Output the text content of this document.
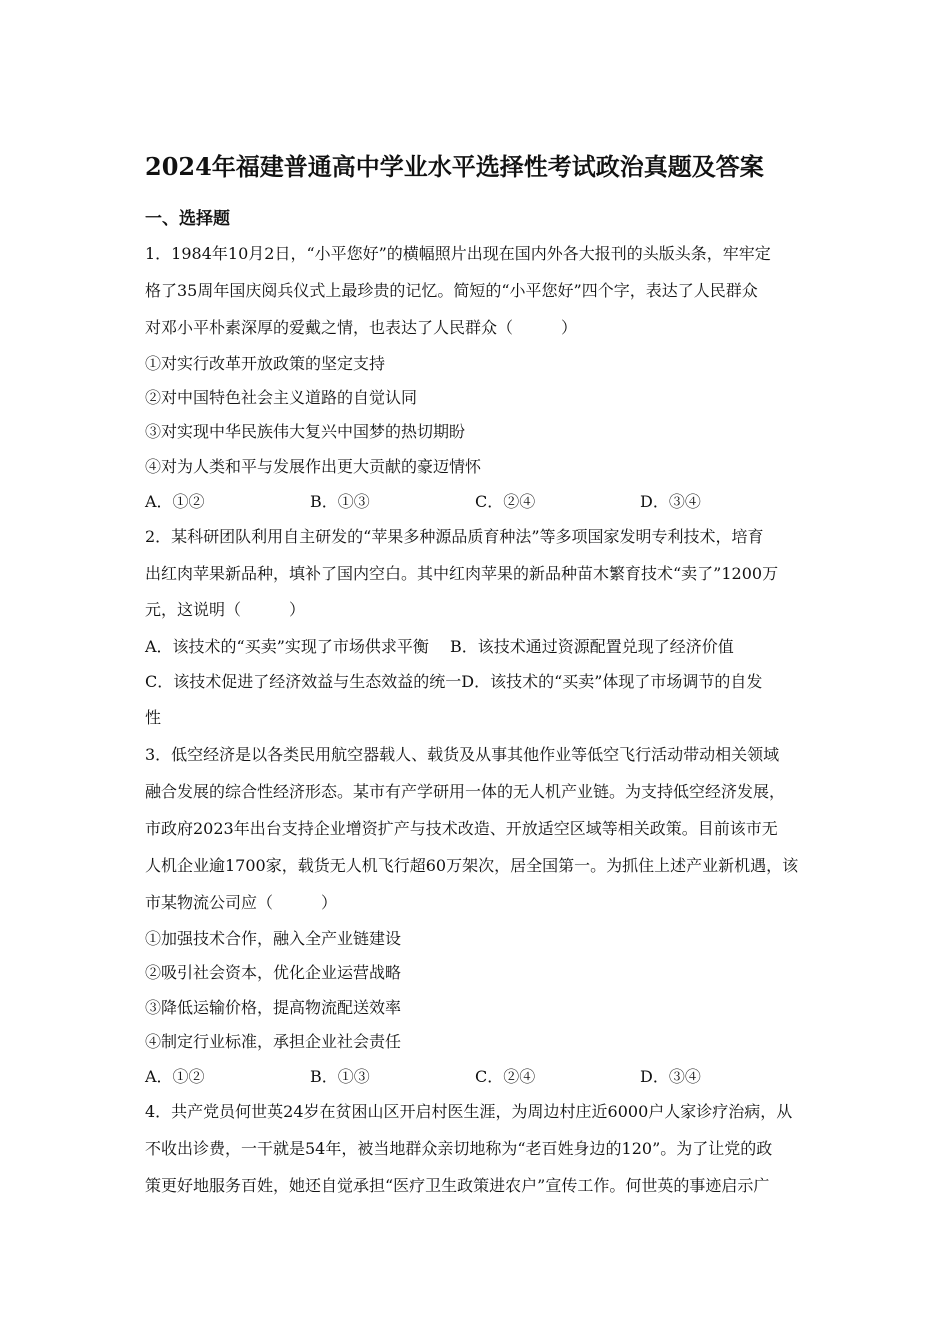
2024年福建普通高中学业水平选择性考试政治真题及答案
一、选择题
1．1984年10月2日，“小平您好”的横幅照片出现在国内外各大报刊的头版头条，牢牢定
格了35周年国庆阅兵仪式上最珍贵的记忆。简短的“小平您好”四个字，表达了人民群众
对邓小平朴素深厚的爱戴之情，也表达了人民群众（　　　）
①对实行改革开放政策的坚定支持
②对中国特色社会主义道路的自觉认同
③对实现中华民族伟大复兴中国梦的热切期盼
④对为人类和平与发展作出更大贡献的豪迈情怀
A．①②	B．①③	C．②④	D．③④
2．某科研团队利用自主研发的“苹果多种源品质育种法”等多项国家发明专利技术，培育
出红肉苹果新品种，填补了国内空白。其中红肉苹果的新品种苗木繁育技术“卖了”1200万
元，这说明（　　　）
A．该技术的“买卖”实现了市场供求平衡　 B．该技术通过资源配置兑现了经济价值
C．该技术促进了经济效益与生态效益的统一D．该技术的“买卖”体现了市场调节的自发
性
3．低空经济是以各类民用航空器载人、载货及从事其他作业等低空飞行活动带动相关领域
融合发展的综合性经济形态。某市有产学研用一体的无人机产业链。为支持低空经济发展，
市政府2023年出台支持企业增资扩产与技术改造、开放适空区域等相关政策。目前该市无
人机企业逾1700家，载货无人机飞行超60万架次，居全国第一。为抓住上述产业新机遇，该
市某物流公司应（　　　）
①加强技术合作，融入全产业链建设
②吸引社会资本，优化企业运营战略
③降低运输价格，提高物流配送效率
④制定行业标准，承担企业社会责任
A．①②	B．①③	C．②④	D．③④
4．共产党员何世英24岁在贫困山区开启村医生涯，为周边村庄近6000户人家诊疗治病，从
不收出诊费，一干就是54年，被当地群众亲切地称为“老百姓身边的120”。为了让党的政
策更好地服务百姓，她还自觉承担“医疗卫生政策进农户”宣传工作。何世英的事迹启示广
